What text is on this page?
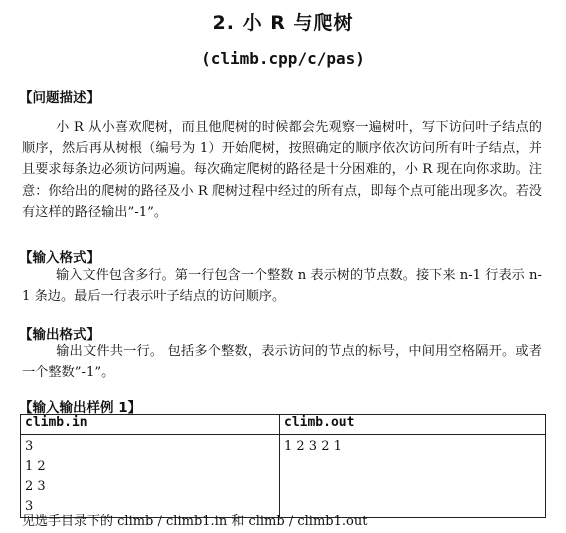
2. 小 R 与爬树
(climb.cpp/c/pas)
【问题描述】
小 R 从小喜欢爬树，而且他爬树的时候都会先观察一遍树叶，写下访问叶子结点的顺序，然后再从树根（编号为 1）开始爬树，按照确定的顺序依次访问所有叶子结点，并且要求每条边必须访问两遍。每次确定爬树的路径是十分困难的，小 R 现在向你求助。注意：你给出的爬树的路径及小 R 爬树过程中经过的所有点，即每个点可能出现多次。若没有这样的路径输出”-1”。
【输入格式】
输入文件包含多行。第一行包含一个整数 n 表示树的节点数。接下来 n-1 行表示 n-1 条边。最后一行表示叶子结点的访问顺序。
【输出格式】
输出文件共一行。 包括多个整数，表示访问的节点的标号，中间用空格隔开。或者一个整数”-1”。
【输入输出样例 1】
climb.in	climb.out

3
1 2
2 3
3	1 2 3 2 1
见选手目录下的 climb / climb1.in 和 climb / climb1.out
